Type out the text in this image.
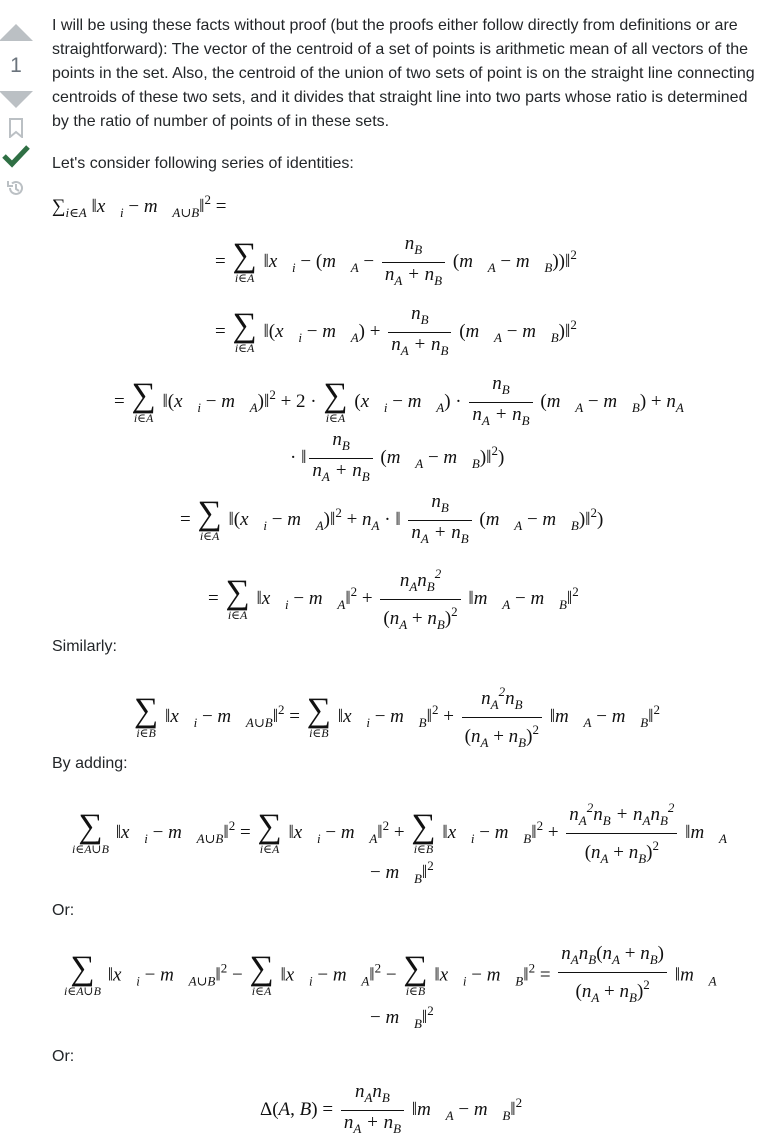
1

I will be using these facts without proof (but the proofs either follow directly from definitions or are straightforward): The vector of the centroid of a set of points is arithmetic mean of all vectors of the points in the set. Also, the centroid of the union of two sets of point is on the straight line connecting centroids of these two sets, and it divides that straight line into two parts whose ratio is determined by the ratio of number of points of in these sets.

Let's consider following series of identities:
$\sum_{i\in A}$ $‖x⃗_i$ − $m⃗_{A\cup B}‖^2$ =
= ∑
i∈A
$‖x⃗_i$ − ($m⃗_A - \frac{n_B}{n_A + n_B}$ ($m⃗_A$ − $m⃗_B))‖^2$
= ∑
i∈A
$‖(x⃗_i$ − $m⃗_A) + \frac{n_B}{n_A + n_B}$ ($m⃗_A$ − $m⃗_B)‖^2$
= ∑
i∈A
$‖(x⃗_i$ − $m⃗_A)‖^2 + 2$ · ∑
i∈A
($x⃗_i$ − $m⃗_A) \cdot \frac{n_B}{n_A + n_B}$ ($m⃗_A$ − $m⃗_B) + n_A$
· ‖ $\frac{n_B}{n_A + n_B}$ ($m⃗_A$ − $m⃗_B)‖^2$)
= ∑
i∈A
$‖(x⃗_i$ − $m⃗_A)‖^2 + n_A$ · ‖ $\frac{n_B}{n_A + n_B}$ ($m⃗_A$ − $m⃗_B)‖^2$)
= ∑
i∈A
$‖x⃗_i$ − $m⃗_A‖^2 + \frac{n_An_B^2}{(n_A + n_B)^2}$ $‖m⃗_A$ − $m⃗_B‖^2$
Similarly:
∑
i∈B
$‖x⃗_i$ − $m⃗_{A\cup B}‖^2$ = ∑
i∈B
$‖x⃗_i$ − $m⃗_B‖^2 + \frac{n_A^2n_B}{(n_A + n_B)^2}$ $‖m⃗_A$ − $m⃗_B‖^2$
By adding:
∑
i∈A∪B
$‖x⃗_i$ − $m⃗_{A\cup B}‖^2$ = ∑
i∈A
$‖x⃗_i$ − $m⃗_A‖^2$ + ∑
i∈B
$‖x⃗_i$ − $m⃗_B‖^2 + \frac{n_A^2n_B + n_An_B^2}{(n_A + n_B)^2}$ $‖m⃗_A$
− $m⃗_B‖^2$
Or:
∑
i∈A∪B
$‖x⃗_i$ − $m⃗_{A\cup B}‖^2$ − ∑
i∈A
$‖x⃗_i$ − $m⃗_A‖^2$ − ∑
i∈B
$‖x⃗_i$ − $m⃗_B‖^2 = \frac{n_An_B(n_A + n_B)}{(n_A + n_B)^2}$ $‖m⃗_A$
− $m⃗_B‖^2$
Or:
Δ(A, $B) = \frac{n_An_B}{n_A + n_B}$ $‖m⃗_A$ − $m⃗_B‖^2$
